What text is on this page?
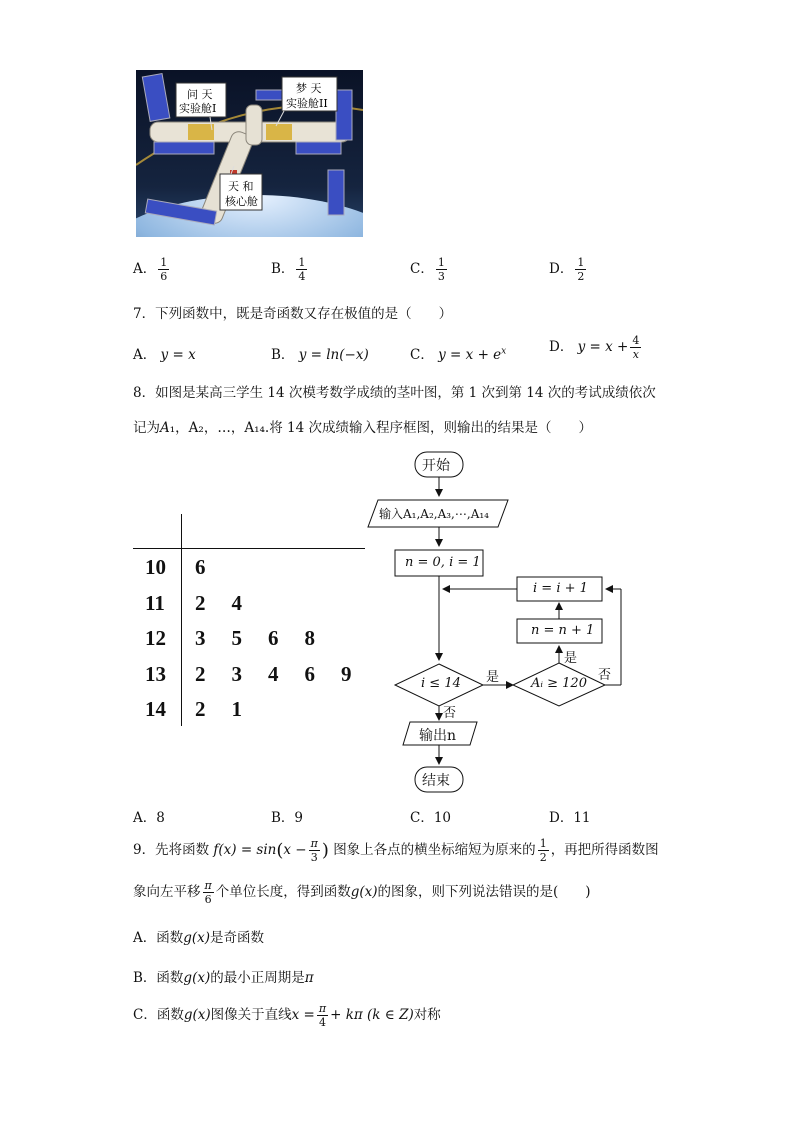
问 天
实验舱I
梦 天
实验舱II
天 和
核心舱
A． $\frac{1}{6}$	B． $\frac{1}{4}$	C． $\frac{1}{3}$	D． $\frac{1}{2}$
7．下列函数中，既是奇函数又存在极值的是（　　）
A． y = x	B． y = ln(−x)	C． $y = x + e^x$	D． $y = x + \frac{4}{x}$
8．如图是某高三学生 14 次模考数学成绩的茎叶图，第 1 次到第 14 次的考试成绩依次
记为A₁，A₂，…，A₁₄.将 14 次成绩输入程序框图，则输出的结果是（　　）
10 6
11 2 4
12 3 5 6 8
13 2 3 4 6 9
14 2 1
开始
输入A₁,A₂,A₃,⋯,A₁₄
n = 0, i = 1
i = i + 1
n = n + 1
i ≤ 14	Aᵢ ≥ 120
是
是
否
否
输出n
结束
A．8	B．9	C．10	D．11
9．先将函数 $f(x) = \sin(x - \frac{\pi}{3}$ ) 图象上各点的横坐标缩短为原来的 $\frac{1}{2}$ ，再把所得函数图
象向左平移 $\frac{\pi}{6}$ 个单位长度，得到函数g(x)的图象，则下列说法错误的是(　　)
A．函数g(x)是奇函数
B．函数g(x)的最小正周期是π
C．函数g(x)图像关于直线$x = \frac{\pi}{4} + k\pi$ (k ∈ Z)对称
